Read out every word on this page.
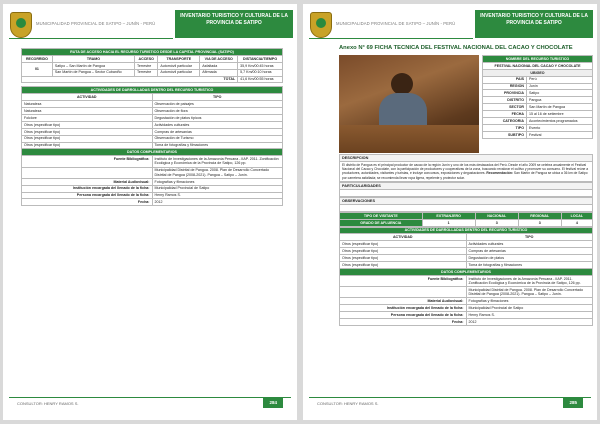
MUNICIPALIDAD PROVINCIAL DE SATIPO – JUNÍN - PERÚ
INVENTARIO TURISTICO Y CULTURAL DE LA PROVINCIA DE SATIPO
RUTA DE ACCESO HACIA EL RECURSO TURISTICO DESDE LA CAPITAL PROVINCIAL (SATIPO)					
RECORRIDO	TRAMO	ACCESO	TRANSPORTE	VIA DE ACCESO	DISTANCIA/TIEMPO
01	Satipo – San Martín de Pangoa	Terrestre	Automóvil particular	Asfaltada	35,9 Km/00:45 horas
	San Martín de Pangoa – Sector Cubaniño	Terrestre	Automóvil particular	Afirmada	5,7 Km/00:10 horas
TOTAL					41,6 Km/00:55 horas
ACTIVIDADES DE DARROLLADAS DENTRO DEL RECURSO TURISTICO	
ACTIVIDAD	TIPO
Naturaleza	Observación de paisajes
Naturaleza	Observación de flora
Folclore	Degustación de platos típicos
Otros (especificar tipo)	Actividades culturales
Otros (especificar tipo)	Compras de artesanías
Otros (especificar tipo)	Observación de Turismo
Otros (especificar tipo)	Toma de fotografías y filmaciones
DATOS COMPLEMENTARIOS	
Fuente Bibliográfica:	Instituto de Investigaciones de la Amazonía Peruana - IIAP. 2011. Zonificación Ecológica y Económica de la Provincia de Satipo, 126 pp.
	Municipalidad Distrital de Pangoa. 2008. Plan de Desarrollo Concertado Distrital de Pangoa (2008-2021). Pangoa – Satipo – Junín.
Material Audiovisual:	Fotografías y filmaciones
Institución encargada del llenado de la ficha:	Municipalidad Provincial de Satipo
Persona encargada del llenado de la ficha:	Henry Ramos S.
Fecha:	2012
CONSULTOR: HENRY RAMOS S.	284
MUNICIPALIDAD PROVINCIAL DE SATIPO – JUNÍN - PERÚ
INVENTARIO TURISTICO Y CULTURAL DE LA PROVINCIA DE SATIPO
Anexo N° 69 FICHA TECNICA DEL FESTIVAL NACIONAL DEL CACAO Y CHOCOLATE
NOMBRE DEL RECURSO TURISTICO	
FESTIVAL NACIONAL DEL CACAO Y CHOCOLATE	
UBIGEO	
PAIS	Perú
REGION	Junín
PROVINCIA	Satipo
DISTRITO	Pangoa
SECTOR	San Martín de Pangoa
FECHA	15 al 16 de setiembre
CATEGORIA	Acontecimientos programados
TIPO	Evento
SUBTIPO	Festival
DESCRIPCION
El distrito de Pangoa es el principal productor de cacao de la región Junín y uno de los más destacados del Perú. Desde el año 2009 se celebra anualmente el Festival Nacional del Cacao y Chocolate, con la participación de productores y cooperativas de la zona, buscando revalorar el cultivo y promover su consumo. El festival reúne a productores, autoridades, visitantes y turistas, e incluye concursos, exposiciones y degustaciones. Recomendación: San Martín de Pangoa se ubica a 36 km de Satipo por carretera asfaltada; se recomienda llevar ropa ligera, repelente y protector solar.
PARTICULARIDADES
OBSERVACIONES
TIPO DE VISITANTE	EXTRANJERO	NACIONAL	REGIONAL	LOCAL
GRADO DE AFLUENCIA	1	3	3	4
ACTIVIDADES DE DARROLLADAS DENTRO DEL RECURSO TURISTICO	
ACTIVIDAD	TIPO
Otros (especificar tipo)	Actividades culturales
Otros (especificar tipo)	Compras de artesanías
Otros (especificar tipo)	Degustación de platos
Otros (especificar tipo)	Toma de fotografías y filmaciones
DATOS COMPLEMENTARIOS	
Fuente Bibliográfica:	Instituto de Investigaciones de la Amazonía Peruana - IIAP. 2011. Zonificación Ecológica y Económica de la Provincia de Satipo, 126 pp.
	Municipalidad Distrital de Pangoa. 2008. Plan de Desarrollo Concertado Distrital de Pangoa (2008-2021). Pangoa – Satipo – Junín.
Material Audiovisual:	Fotografías y filmaciones
Institución encargada del llenado de la ficha:	Municipalidad Provincial de Satipo
Persona encargada del llenado de la ficha:	Henry Ramos S.
Fecha:	2012
CONSULTOR: HENRY RAMOS S.	285
